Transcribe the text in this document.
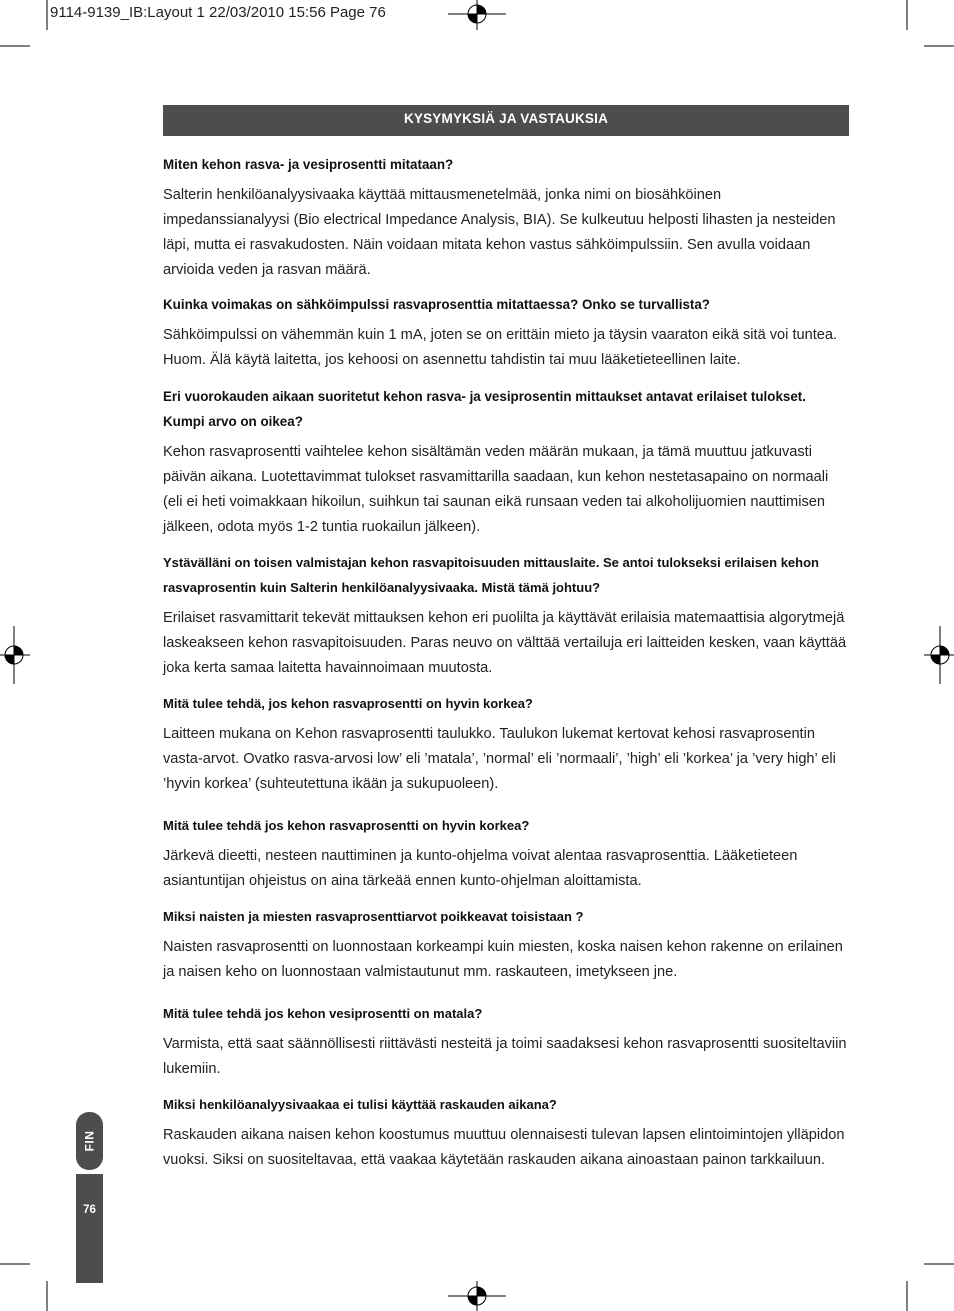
9114-9139_IB:Layout 1 22/03/2010 15:56 Page 76
KYSYMYKSIÄ JA VASTAUKSIA

Miten kehon rasva- ja vesiprosentti mitataan?

Salterin henkilöanalyysivaaka käyttää mittausmenetelmää, jonka nimi on biosähköinen impedanssianalyysi (Bio electrical Impedance Analysis, BIA). Se kulkeutuu helposti lihasten ja nesteiden läpi, mutta ei rasvakudosten. Näin voidaan mitata kehon vastus sähköimpulssiin. Sen avulla voidaan arvioida veden ja rasvan määrä.

Kuinka voimakas on sähköimpulssi rasvaprosenttia mitattaessa? Onko se turvallista?

Sähköimpulssi on vähemmän kuin 1 mA, joten se on erittäin mieto ja täysin vaaraton eikä sitä voi tuntea. Huom. Älä käytä laitetta, jos kehoosi on asennettu tahdistin tai muu lääketieteellinen laite.

Eri vuorokauden aikaan suoritetut kehon rasva- ja vesiprosentin mittaukset antavat erilaiset tulokset. Kumpi arvo on oikea?

Kehon rasvaprosentti vaihtelee kehon sisältämän veden määrän mukaan, ja tämä muuttuu jatkuvasti päivän aikana. Luotettavimmat tulokset rasvamittarilla saadaan, kun kehon nestetasapaino on normaali (eli ei heti voimakkaan hikoilun, suihkun tai saunan eikä runsaan veden tai alkoholijuomien nauttimisen jälkeen, odota myös 1-2 tuntia ruokailun jälkeen).

Ystävälläni on toisen valmistajan kehon rasvapitoisuuden mittauslaite. Se antoi tulokseksi erilaisen kehon rasvaprosentin kuin Salterin henkilöanalyysivaaka. Mistä tämä johtuu?

Erilaiset rasvamittarit tekevät mittauksen kehon eri puolilta ja käyttävät erilaisia matemaattisia algorytmejä laskeakseen kehon rasvapitoisuuden. Paras neuvo on välttää vertailuja eri laitteiden kesken, vaan käyttää joka kerta samaa laitetta havainnoimaan muutosta.

Mitä tulee tehdä, jos kehon rasvaprosentti on hyvin korkea?

Laitteen mukana on Kehon rasvaprosentti taulukko. Taulukon lukemat kertovat kehosi rasvaprosentin vasta-arvot. Ovatko rasva-arvosi low’ eli ’matala’, ’normal’ eli ’normaali’, ’high’ eli ’korkea’ ja ’very high’ eli ’hyvin korkea’ (suhteutettuna ikään ja sukupuoleen).

Mitä tulee tehdä jos kehon rasvaprosentti on hyvin korkea?

Järkevä dieetti, nesteen nauttiminen ja kunto-ohjelma voivat alentaa rasvaprosenttia. Lääketieteen asiantuntijan ohjeistus on aina tärkeää ennen kunto-ohjelman aloittamista.

Miksi naisten ja miesten rasvaprosenttiarvot poikkeavat toisistaan ?

Naisten rasvaprosentti on luonnostaan korkeampi kuin miesten, koska naisen kehon rakenne on erilainen ja naisen keho on luonnostaan valmistautunut mm. raskauteen, imetykseen jne.

Mitä tulee tehdä jos kehon vesiprosentti on matala?

Varmista, että saat säännöllisesti riittävästi nesteitä ja toimi saadaksesi kehon rasvaprosentti suositeltaviin lukemiin.

Miksi henkilöanalyysivaakaa ei tulisi käyttää raskauden aikana?

Raskauden aikana naisen kehon koostumus muuttuu olennaisesti tulevan lapsen elintoimintojen ylläpidon vuoksi. Siksi on suositeltavaa, että vaakaa käytetään raskauden aikana ainoastaan painon tarkkailuun.

FIN
76
